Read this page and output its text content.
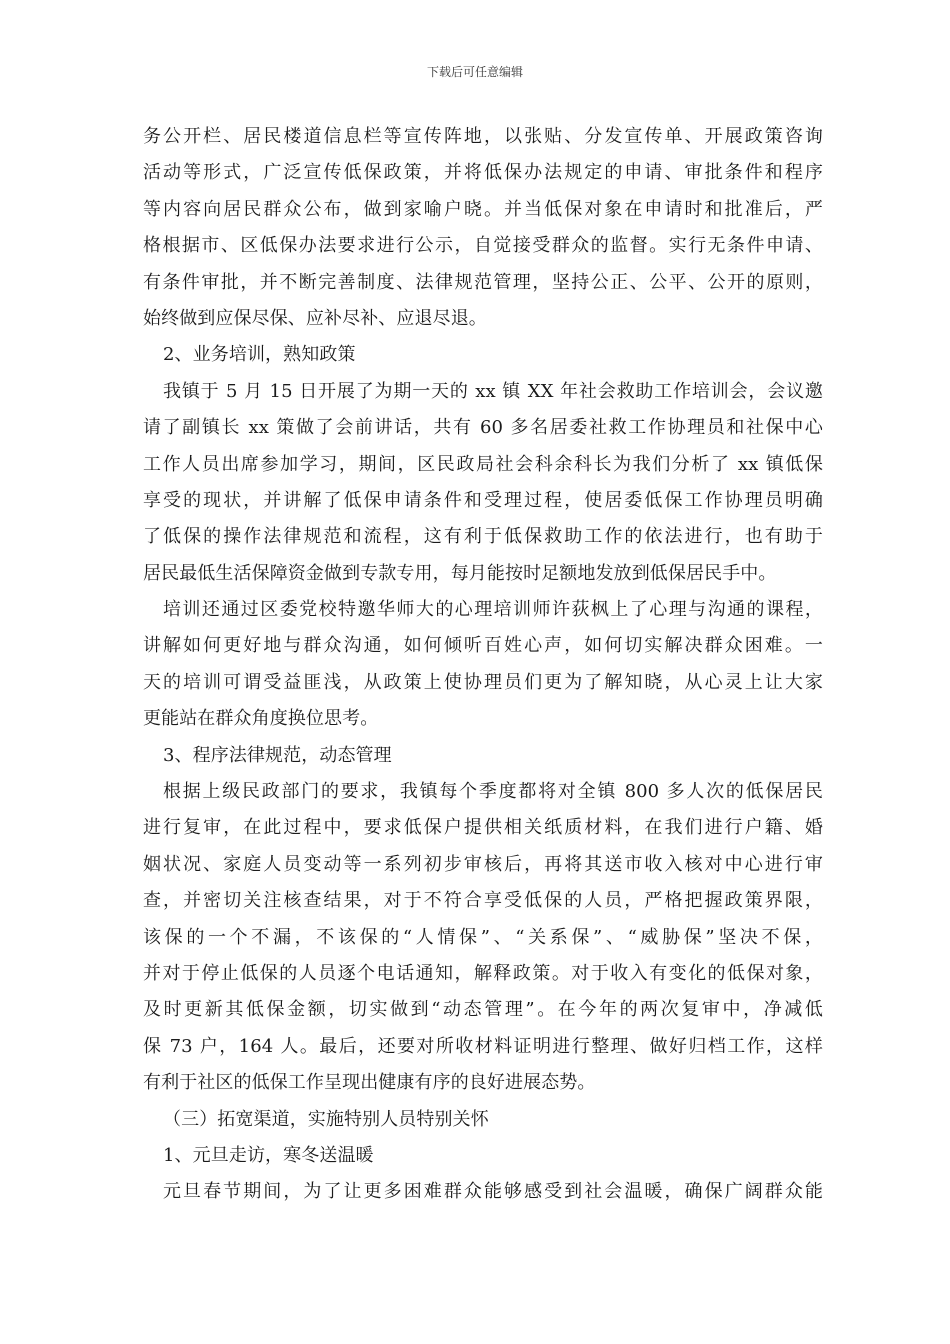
下载后可任意编辑
务公开栏、居民楼道信息栏等宣传阵地，以张贴、分发宣传单、开展政策咨询
活动等形式，广泛宣传低保政策，并将低保办法规定的申请、审批条件和程序
等内容向居民群众公布，做到家喻户晓。并当低保对象在申请时和批准后，严
格根据市、区低保办法要求进行公示，自觉接受群众的监督。实行无条件申请、
有条件审批，并不断完善制度、法律规范管理，坚持公正、公平、公开的原则，
始终做到应保尽保、应补尽补、应退尽退。
2、业务培训，熟知政策
我镇于 5 月 15 日开展了为期一天的 xx 镇 XX 年社会救助工作培训会，会议邀
请了副镇长 xx 策做了会前讲话，共有 60 多名居委社救工作协理员和社保中心
工作人员出席参加学习，期间，区民政局社会科余科长为我们分析了 xx 镇低保
享受的现状，并讲解了低保申请条件和受理过程，使居委低保工作协理员明确
了低保的操作法律规范和流程，这有利于低保救助工作的依法进行，也有助于
居民最低生活保障资金做到专款专用，每月能按时足额地发放到低保居民手中。
培训还通过区委党校特邀华师大的心理培训师许荻枫上了心理与沟通的课程，
讲解如何更好地与群众沟通，如何倾听百姓心声，如何切实解决群众困难。一
天的培训可谓受益匪浅，从政策上使协理员们更为了解知晓，从心灵上让大家
更能站在群众角度换位思考。
3、程序法律规范，动态管理
根据上级民政部门的要求，我镇每个季度都将对全镇 800 多人次的低保居民
进行复审，在此过程中，要求低保户提供相关纸质材料，在我们进行户籍、婚
姻状况、家庭人员变动等一系列初步审核后，再将其送市收入核对中心进行审
查，并密切关注核查结果，对于不符合享受低保的人员，严格把握政策界限，
该保的一个不漏，不该保的“人情保”、“关系保”、“威胁保”坚决不保，
并对于停止低保的人员逐个电话通知，解释政策。对于收入有变化的低保对象，
及时更新其低保金额，切实做到“动态管理”。在今年的两次复审中，净减低
保 73 户，164 人。最后，还要对所收材料证明进行整理、做好归档工作，这样
有利于社区的低保工作呈现出健康有序的良好进展态势。
（三）拓宽渠道，实施特别人员特别关怀
1、元旦走访，寒冬送温暖
元旦春节期间，为了让更多困难群众能够感受到社会温暖，确保广阔群众能
